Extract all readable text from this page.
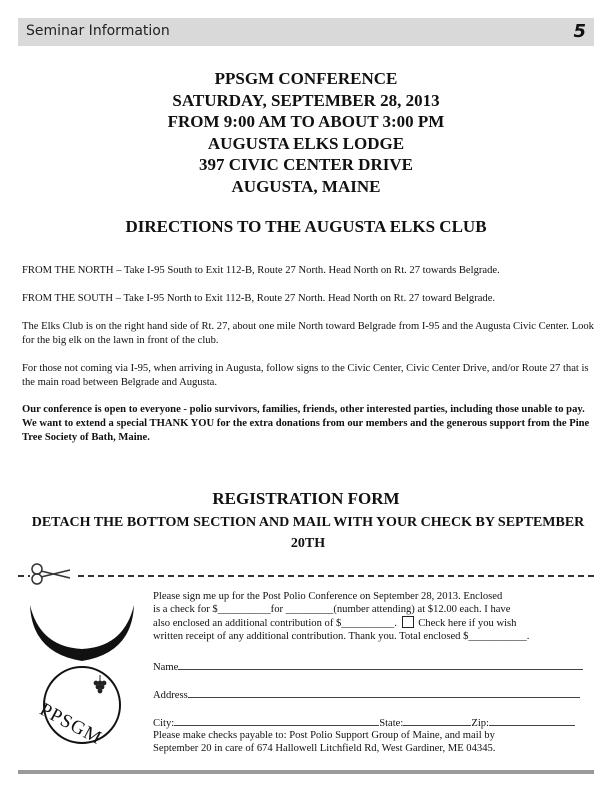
Seminar Information	5
PPSGM CONFERENCE
SATURDAY, SEPTEMBER 28, 2013
FROM 9:00 AM TO ABOUT 3:00 PM
AUGUSTA ELKS LODGE
397 CIVIC CENTER DRIVE
AUGUSTA, MAINE
DIRECTIONS TO THE AUGUSTA ELKS CLUB
FROM THE NORTH – Take I-95 South to Exit 112-B, Route 27 North. Head North on Rt. 27 towards Belgrade.
FROM THE SOUTH – Take I-95 North to Exit 112-B, Route 27 North. Head North on Rt. 27 toward Belgrade.
The Elks Club is on the right hand side of Rt. 27, about one mile North toward Belgrade from I-95 and the Augusta Civic Center. Look for the big elk on the lawn in front of the club.
For those not coming via I-95, when arriving in Augusta, follow signs to the Civic Center, Civic Center Drive, and/or Route 27 that is the main road between Belgrade and Augusta.
Our conference is open to everyone - polio survivors, families, friends, other interested parties, including those unable to pay. We want to extend a special THANK YOU for the extra donations from our members and the generous support from the Pine Tree Society of Bath, Maine.
REGISTRATION FORM
DETACH THE BOTTOM SECTION AND MAIL WITH YOUR CHECK BY SEPTEMBER 20TH
PPSGM
Please sign me up for the Post Polio Conference on September 28, 2013. Enclosed
is a check for $__________for _________(number attending) at $12.00 each. I have
also enclosed an additional contribution of $__________. Check here if you wish
written receipt of any additional contribution. Thank you. Total enclosed $___________.
Name
Address
City:	State:	Zip:
Please make checks payable to: Post Polio Support Group of Maine, and mail by
September 20 in care of 674 Hallowell Litchfield Rd, West Gardiner, ME 04345.
